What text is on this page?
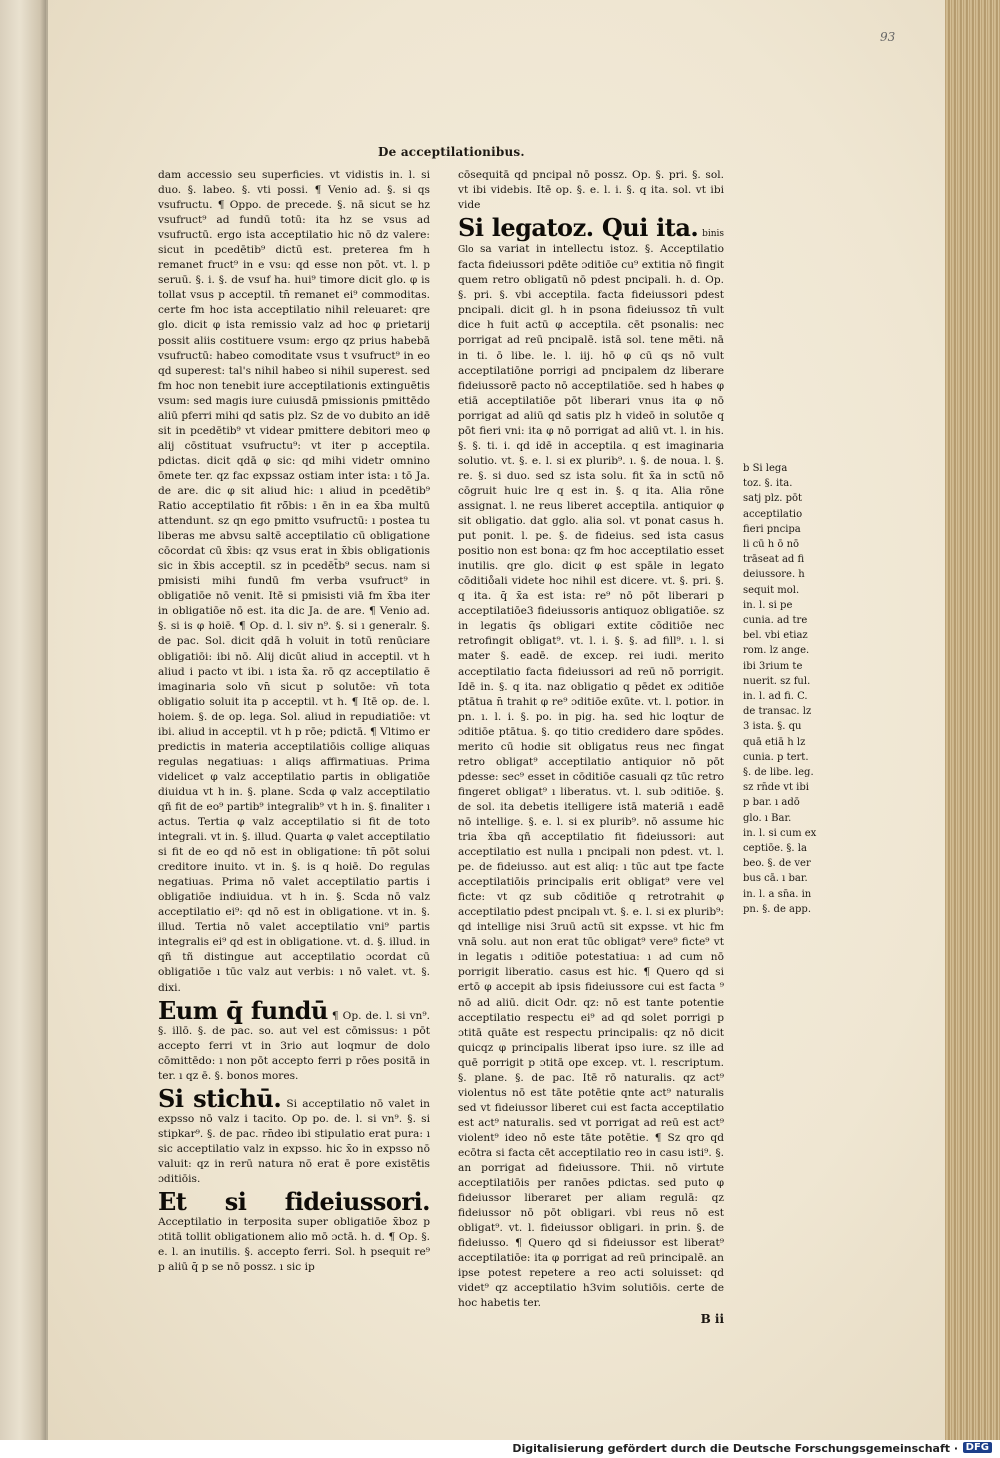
93
De acceptilationibus.

dam accessio seu superficies. vt vidistis in. l. si duo. §. labeo. §. vti possi. ¶ Venio ad. §. si qs vsufructu. ¶ Oppo. de precede. §. nā sicut se hz vsufruct⁹ ad fundū totū: ita hz se vsus ad vsufructū. ergo ista acceptilatio hic nō dz valere: sicut in pcedētib⁹ dictū est. preterea fm h remanet fruct⁹ in e vsu: qd esse non pōt. vt. l. p seruū. §. i. §. de vsuf ha. hui⁹ timore dicit glo. φ is tollat vsus p acceptil. tn̄ remanet ei⁹ commoditas. certe fm hoc ista acceptilatio nihil releuaret: qre glo. dicit φ ista remissio valz ad hoc φ prietarij possit aliis costituere vsum: ergo qz prius habebā vsufructū: habeo comoditate vsus t vsufruct⁹ in eo qd superest: tal's nihil habeo si nihil superest. sed fm hoc non tenebit iure acceptilationis extinguētis vsum: sed magis iure cuiusdā pmissionis pmittēdo aliū pferri mihi qd satis plz. Sz de vo dubito an idē sit in pcedētib⁹ vt videar pmittere debitori meo φ alij cōstituat vsufructu⁹: vt iter p acceptila. pdictas. dicit qdā φ sic: qd mihi videtr omnino ōmete ter. qz fac expssaz ostiam inter ista: ı tō Ja. de are. dic φ sit aliud hic: ı aliud in pcedētib⁹ Ratio acceptilatio fit rō̄bis: ı ēn in ea x̄ba multū attendunt. sz qn ego pmitto vsufructū: ı postea tu liberas me abvsu saltē acceptilatio cū obligatione cōcordat cū x̄bis: qz vsus erat in x̄bis obligationis sic in x̄bis acceptil. sz in pcedēt̄b⁹ secus. nam si pmisisti mihi fundū fm verba vsufruct⁹ in obligatiōe nō venit. Itē si pmisisti viā fm x̄ba iter in obligatiōe nō est. ita dic Ja. de are. ¶ Venio ad. §. si is φ hoiē. ¶ Op. d. l. siv n⁹. §. si ı generalr. §. de pac. Sol. dicit qdā h voluit in totū renūciare obligatiōi: ibi nō. Alij dicūt aliud in acceptil. vt h aliud i pacto vt ibi. ı ista x̄a. rō qz acceptilatio ē imaginaria solo vn̄ sicut p solutōe: vn̄ tota obligatio soluit ita p acceptil. vt h. ¶ Itē op. de. l. hoiem. §. de op. lega. Sol. aliud in repudiatiōe: vt ibi. aliud in acceptil. vt h p rōe; pdictā. ¶ Vltimo er predictis in materia acceptilatiōis collige aliquas regulas negatiuas: ı aliqs affirmatiuas. Prima videlicet φ valz acceptilatio partis in obligatiōe diuidua vt h in. §. plane. Scda φ valz acceptilatio qñ fit de eo⁹ partib⁹ integralib⁹ vt h in. §. finaliter ı actus. Tertia φ valz acceptilatio si fit de toto integrali. vt in. §. illud. Quarta φ valet acceptilatio si fit de eo qd nō est in obligatione: tn̄ pōt solui creditore inuito. vt in. §. is q hoiē. Do regulas negatiuas. Prima nō valet acceptilatio partis i obligatiōe indiuidua. vt h in. §. Scda nō valz acceptilatio ei⁹: qd nō est in obligatione. vt in. §. illud. Tertia nō valet acceptilatio vni⁹ partis integralis ei⁹ qd est in obligatione. vt. d. §. illud. in qñ tñ distingue aut acceptilatio ɔcordat cū obligatiōe ı tūc valz aut verbis: ı nō valet. vt. §. dixi.

Eum q̄ fundū ¶ Op. de. l. si vn⁹. §. illō. §. de pac. so. aut vel est cōmissus: ı pōt accepto ferri vt in 3rio aut loqmur de dolo cōmittēdo: ı non pōt accepto ferri p rōes positā in ter. ı qz ē. §. bonos mores.

Si stichū. Si acceptilatio nō valet in expsso nō valz i tacito. Op po. de. l. si vn⁹. §. si stipkar⁹. §. de pac. rn̄deo ibi stipulatio erat pura: ı sic acceptilatio valz in expsso. hic x̄o in expsso nō valuit: qz in rerū natura nō erat ē pore existētis ɔditiōis.

Et si fideiussori. Acceptilatio in terposita super obligatiōe x̄boz p ɔtitā tollit obligationem alio mō ɔctā. h. d. ¶ Op. §. e. l. an inutilis. §. accepto ferri. Sol. h psequit re⁹ p aliū q̄ p se nō possz. ı sic ip

cōsequitā qd pncipal nō possz. Op. §. pri. §. sol. vt ibi videbis. Itē op. §. e. l. i. §. q ita. sol. vt ibi vide

Si legatoz. Qui ita. binis Glo sa variat in intellectu istoz. §. Acceptilatio facta fideiussori pdēte ɔditiōe cu⁹ extitia nō fingit quem retro obligatū nō pdest pncipali. h. d. Op. §. pri. §. vbi acceptila. facta fideiussori pdest pncipali. dicit gl. h in psona fideiussoz tn̄ vult dice h fuit actū φ acceptila. cēt psonalis: nec porrigat ad reū pncipalē. istā sol. tene mēti. nā in ti. ō libe. le. l. iij. hō φ cū qs nō vult acceptilatiōne porrigi ad pncipalem dz liberare fideiussorē pacto nō acceptilatiōe. sed h habes φ etiā acceptilatiōe pōt liberari vnus ita φ nō porrigat ad aliū qd satis plz h videō in solutōe q pōt fieri vni: ita φ nō porrigat ad aliū vt. l. in his. §. §. ti. i. qd idē in acceptila. q est imaginaria solutio. vt. §. e. l. si ex plurib⁹. ı. §. de noua. l. §. re. §. si duo. sed sz ista solu. fit x̄a in sctū nō cōgruit huic lre q est in. §. q ita. Alia rōne assignat. l. ne reus liberet acceptila. antiquior φ sit obligatio. dat gglo. alia sol. vt ponat casus h. put ponit. l. pe. §. de fideius. sed ista casus positio non est bona: qz fm hoc acceptilatio esset inutilis. qre glo. dicit φ est spāle in legato cōditio̊ali videte hoc nihil est dicere. vt. §. pri. §. q ita. q̄ x̄a est ista: re⁹ nō pōt liberari p acceptilatiōe3 fideiussoris antiquoz obligatiōe. sz in legatis q̄s obligari extite cōditiōe nec retrofingit obligat⁹. vt. l. i. §. §. ad fill⁹. ı. l. si mater §. eadē. de excep. rei iudi. merito acceptilatio facta fideiussori ad reū nō porrigit. Idē in. §. q ita. naz obligatio q pēdet ex ɔditiōe ptātua n̄ trahit φ re⁹ ɔditiōe exūte. vt. l. potior. in pn. ı. l. i. §. po. in pig. ha. sed hic loqtur de ɔditiōe ptātua. §. qo titio credidero dare spōdes. merito cū hodie sit obligatus reus nec fingat retro obligat⁹ acceptilatio antiquior nō pōt pdesse: sec⁹ esset in cōditiōe casuali qz tūc retro fingeret obligat⁹ ı liberatus. vt. l. sub ɔditiōe. §. de sol. ita debetis itelligere istā materiā ı eadē nō intellige. §. e. l. si ex plurib⁹. nō assume hic tria x̄ba qñ acceptilatio fit fideiussori: aut acceptilatio est nulla ı pncipali non pdest. vt. l. pe. de fideiusso. aut est aliq: ı tūc aut tpe facte acceptilatiōis principalis erit obligat⁹ vere vel ficte: vt qz sub cōditiōe q retrotrahit φ acceptilatio pdest pncipalı vt. §. e. l. si ex plurib⁹: qd intellige nisi 3ruū actū sit expsse. vt hic fm vnā solu. aut non erat tūc obligat⁹ vere⁹ ficte⁹ vt in legatis ı ɔditiōe potestatiua: ı ad cum nō porrigit liberatio. casus est hic. ¶ Quero qd si ertō φ accepit ab ipsis fideiussore cui est facta ⁹ nō ad aliū. dicit Odr. qz: nō est tante potentie acceptilatio respectu ei⁹ ad qd solet porrigi p ɔtitā quāte est respectu principalis: qz nō dicit quicqz φ principalis liberat ipso iure. sz ille ad quē porrigit p ɔtitā ope excep. vt. l. rescriptum. §. plane. §. de pac. Itē rō naturalis. qz act⁹ violentus nō est tāte potētie qnte act⁹ naturalis sed vt fideiussor liberet cui est facta acceptilatio est act⁹ naturalis. sed vt porrigat ad reū est act⁹ violent⁹ ideo nō este tāte potētie. ¶ Sz qro qd ecōtra si facta cēt acceptilatio reo in casu isti⁹. §. an porrigat ad fideiussore. Thii. nō virtute acceptilatiōis per ranōes pdictas. sed puto φ fideiussor liberaret per aliam regulā: qz fideiussor nō pōt obligari. vbi reus nō est obligat⁹. vt. l. fideiussor obligari. in prin. §. de fideiusso. ¶ Quero qd si fideiussor est liberat⁹ acceptilatiōe: ita φ porrigat ad reū principalē. an ipse potest repetere a reo acti soluisset: qd videt⁹ qz acceptilatio h3vim solutiōis. certe de hoc habetis ter.

B ii

b Si lega

toz. §. ita.

satj plz. pōt

acceptilatio

fieri pncipa

li cū h ō nō

trāseat ad fi

deiussore. h

sequit mol.

in. l. si pe

cunia. ad tre

bel. vbi etiaz

rom. lz ange.

ibi 3rium te

nuerit. sz ful.

in. l. ad fi. C.

de transac. lz

3 ista. §. qu

quā etiā h lz

cunia. p tert.

§. de libe. leg.

sz rn̄de vt ibi

p bar. ı adō

glo. ı Bar.

in. l. si cum ex

ceptiōe. §. la

beo. §. de ver

bus cā. ı bar.

in. l. a sn̄a. in

pn. §. de app.

Digitalisierung gefördert durch die Deutsche Forschungsgemeinschaft · DFG
